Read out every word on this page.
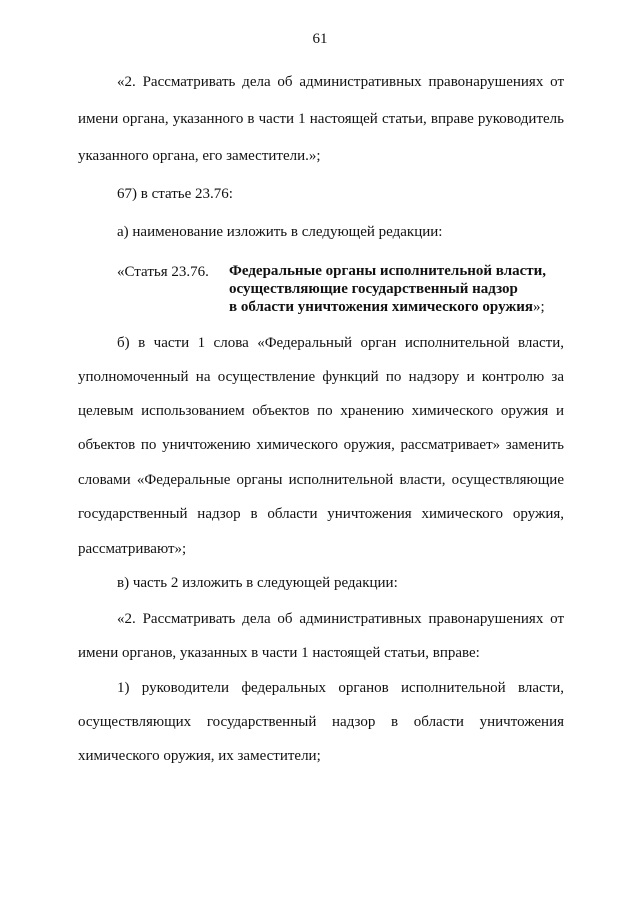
61
«2. Рассматривать дела об административных правонарушениях от
имени органа, указанного в части 1 настоящей статьи, вправе руководитель
указанного органа, его заместители.»;
67) в статье 23.76:
а) наименование изложить в следующей редакции:
«Статья 23.76. Федеральные органы исполнительной власти,
осуществляющие государственный надзор
в области уничтожения химического оружия»;
б) в части 1 слова «Федеральный орган исполнительной власти,
уполномоченный на осуществление функций по надзору и контролю за
целевым использованием объектов по хранению химического оружия и
объектов по уничтожению химического оружия, рассматривает» заменить
словами «Федеральные органы исполнительной власти, осуществляющие
государственный надзор в области уничтожения химического оружия,
рассматривают»;
в) часть 2 изложить в следующей редакции:
«2. Рассматривать дела об административных правонарушениях от
имени органов, указанных в части 1 настоящей статьи, вправе:
1) руководители федеральных органов исполнительной власти,
осуществляющих государственный надзор в области уничтожения
химического оружия, их заместители;
